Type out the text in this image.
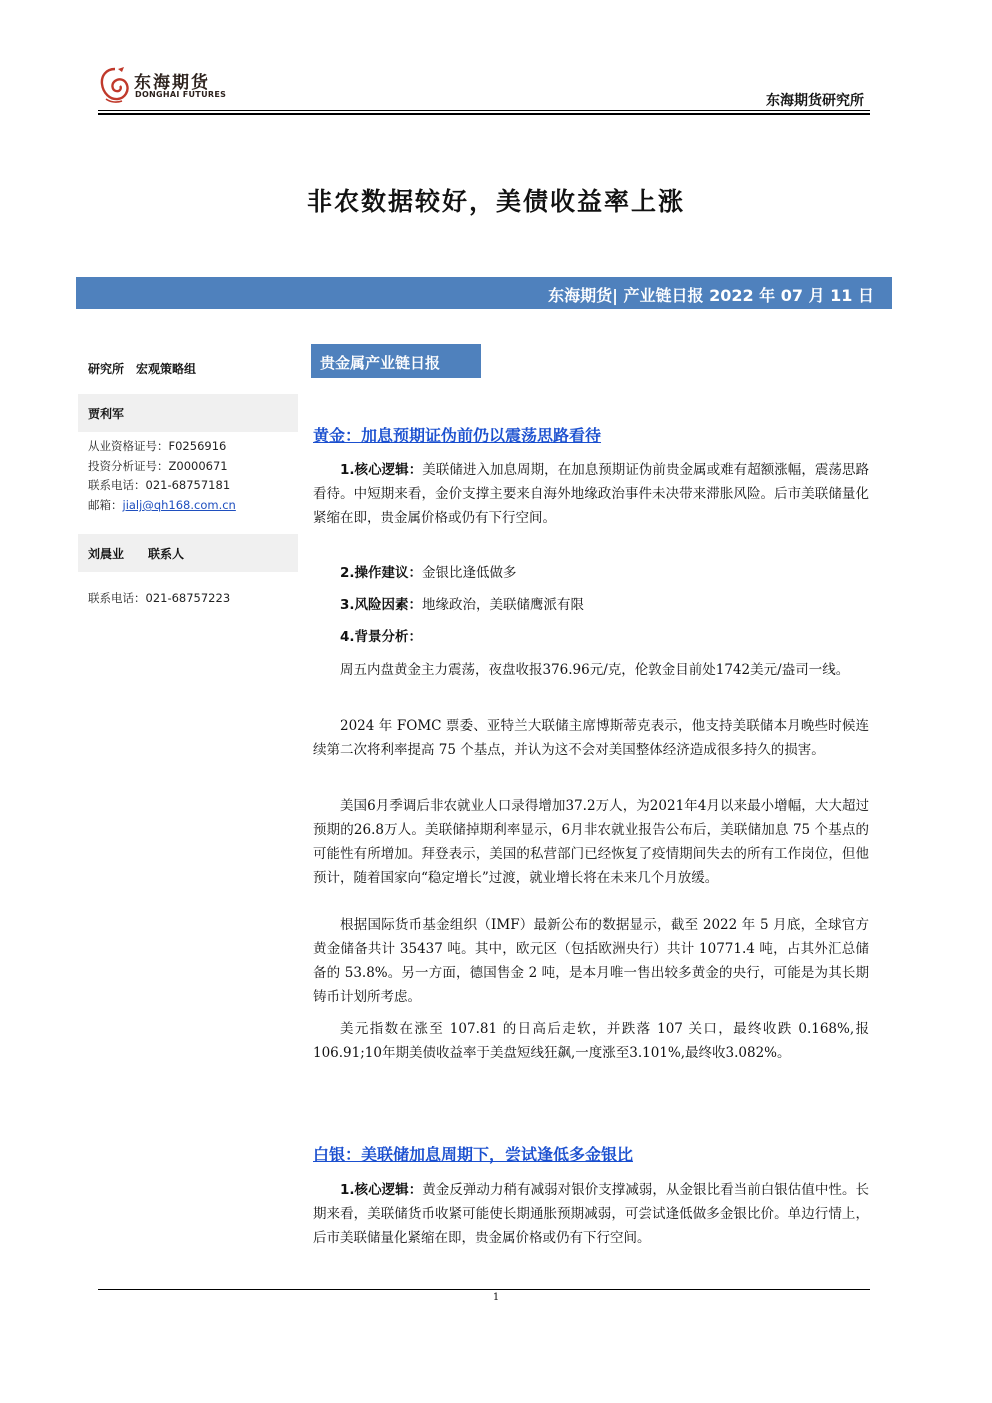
东海期货
DONGHAI FUTURES	东海期货研究所
非农数据较好，美债收益率上涨
东海期货| 产业链日报 2022 年 07 月 11 日
研究所　宏观策略组
贾利军
从业资格证号：F0256916
投资分析证号：Z0000671
联系电话：021-68757181
邮箱：jialj@qh168.com.cn
刘晨业　　联系人
联系电话：021-68757223
贵金属产业链日报
黄金：加息预期证伪前仍以震荡思路看待
1.核心逻辑：美联储进入加息周期，在加息预期证伪前贵金属或难有超额涨幅，震荡思路看待。中短期来看，金价支撑主要来自海外地缘政治事件未决带来滞胀风险。后市美联储量化紧缩在即，贵金属价格或仍有下行空间。
2.操作建议：金银比逢低做多
3.风险因素：地缘政治，美联储鹰派有限
4.背景分析：
周五内盘黄金主力震荡，夜盘收报376.96元/克，伦敦金目前处1742美元/盎司一线。
2024 年 FOMC 票委、亚特兰大联储主席博斯蒂克表示，他支持美联储本月晚些时候连续第二次将利率提高 75 个基点，并认为这不会对美国整体经济造成很多持久的损害。
美国6月季调后非农就业人口录得增加37.2万人，为2021年4月以来最小增幅，大大超过预期的26.8万人。美联储掉期利率显示，6月非农就业报告公布后，美联储加息 75 个基点的可能性有所增加。拜登表示，美国的私营部门已经恢复了疫情期间失去的所有工作岗位，但他预计，随着国家向“稳定增长”过渡，就业增长将在未来几个月放缓。
根据国际货币基金组织（IMF）最新公布的数据显示，截至 2022 年 5 月底，全球官方黄金储备共计 35437 吨。其中，欧元区（包括欧洲央行）共计 10771.4 吨，占其外汇总储备的 53.8%。另一方面，德国售金 2 吨，是本月唯一售出较多黄金的央行，可能是为其长期铸币计划所考虑。
美元指数在涨至 107.81 的日高后走软，并跌落 107 关口，最终收跌 0.168%,报106.91;10年期美债收益率于美盘短线狂飙,一度涨至3.101%,最终收3.082%。
白银：美联储加息周期下，尝试逢低多金银比
1.核心逻辑：黄金反弹动力稍有减弱对银价支撑减弱，从金银比看当前白银估值中性。长期来看，美联储货币收紧可能使长期通胀预期减弱，可尝试逢低做多金银比价。单边行情上，后市美联储量化紧缩在即，贵金属价格或仍有下行空间。
1
